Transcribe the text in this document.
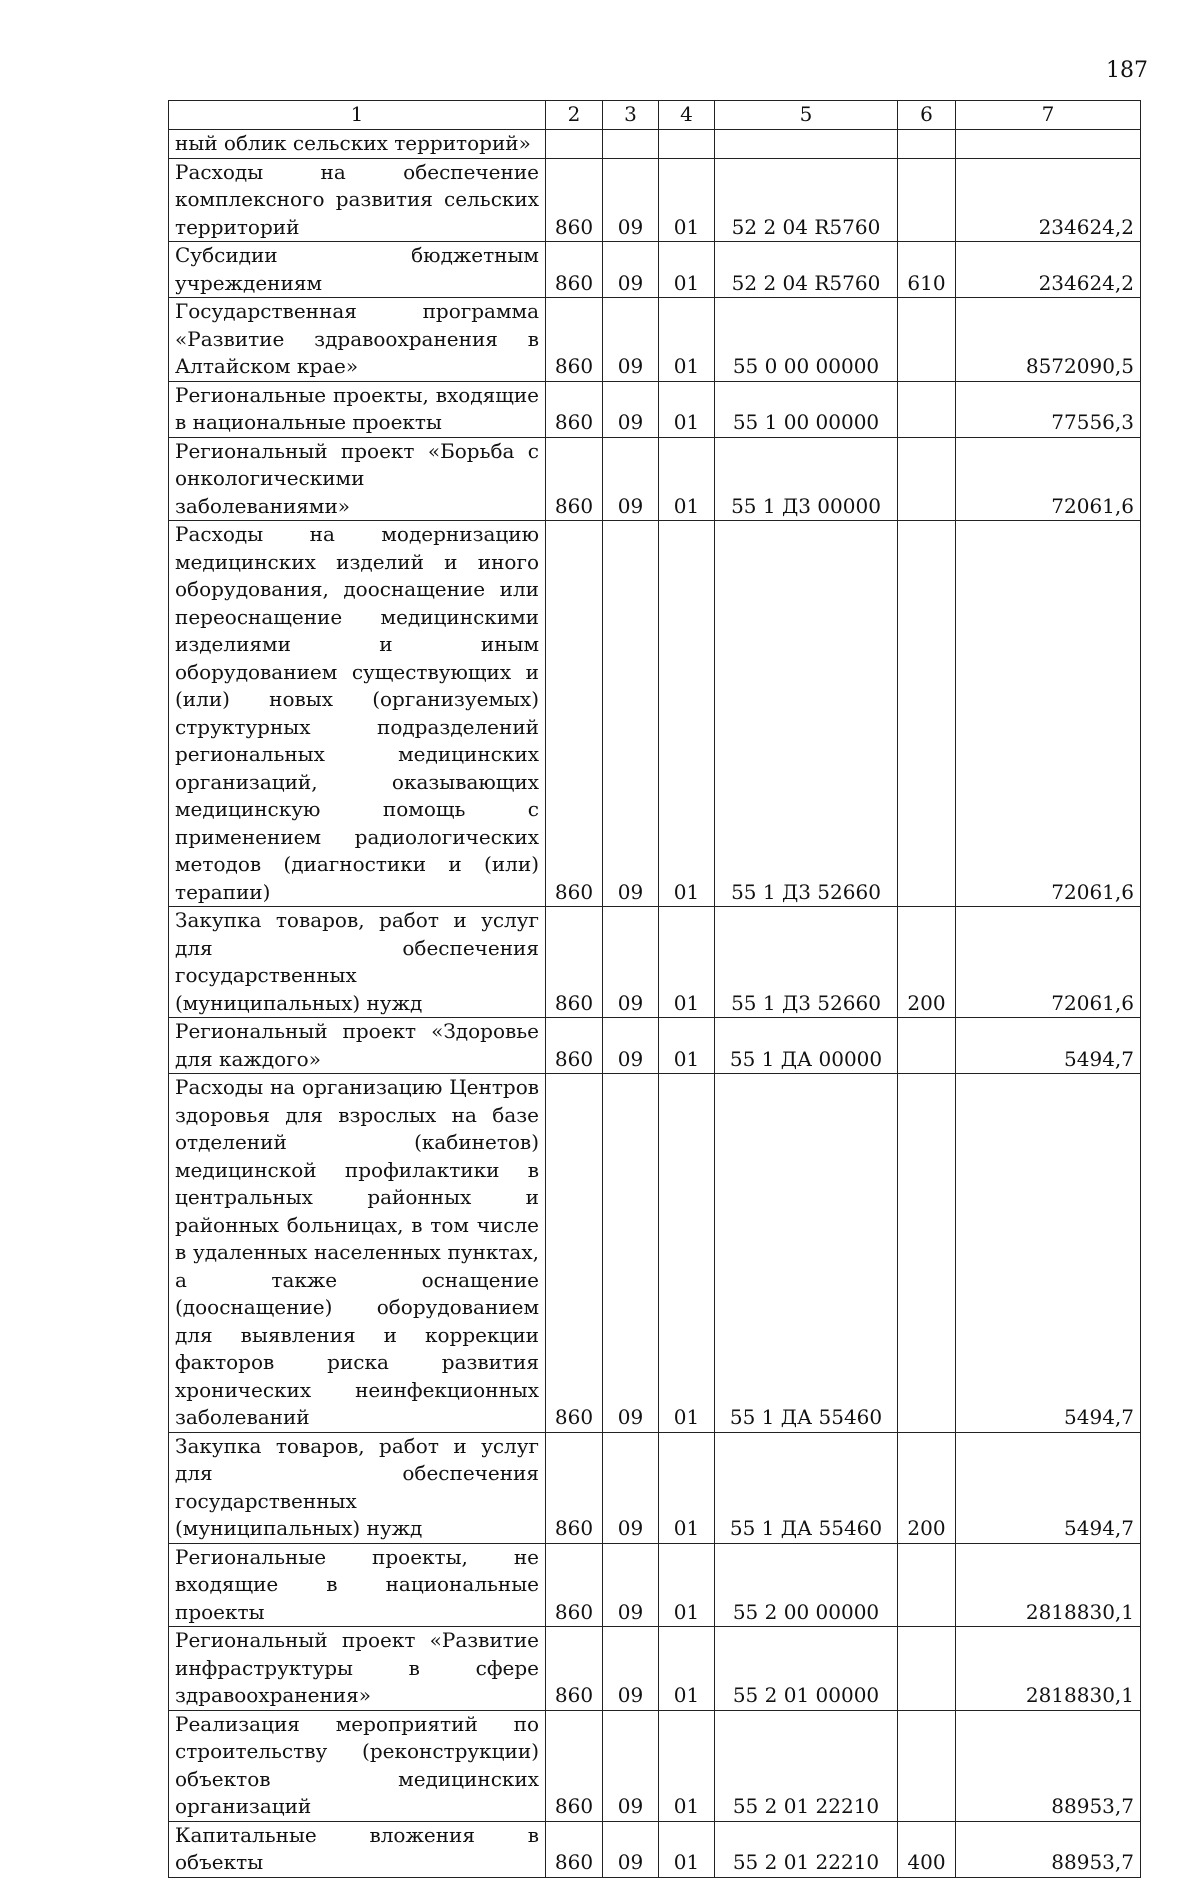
187
1	2	3	4	5	6	7
ный облик сельских территорий»						
Расходы на обеспечение комплексного развития сельских территорий	860	09	01	52 2 04 R5760		234624,2
Субсидии бюджетным учреждениям	860	09	01	52 2 04 R5760	610	234624,2
Государственная программа «Развитие здравоохранения в Алтайском крае»	860	09	01	55 0 00 00000		8572090,5
Региональные проекты, входящие в национальные проекты	860	09	01	55 1 00 00000		77556,3
Региональный проект «Борьба с онкологическими заболеваниями»	860	09	01	55 1 Д3 00000		72061,6
Расходы на модернизацию медицинских изделий и иного оборудования, дооснащение или переоснащение медицинскими изделиями и иным оборудованием существующих и (или) новых (организуемых) структурных подразделений региональных медицинских организаций, оказывающих медицинскую помощь с применением радиологических методов (диагностики и (или) терапии)	860	09	01	55 1 Д3 52660		72061,6
Закупка товаров, работ и услуг для обеспечения государственных (муниципальных) нужд	860	09	01	55 1 Д3 52660	200	72061,6
Региональный проект «Здоровье для каждого»	860	09	01	55 1 ДА 00000		5494,7
Расходы на организацию Центров здоровья для взрослых на базе отделений (кабинетов) медицинской профилактики в центральных районных и районных больницах, в том числе в удаленных населенных пунктах, а также оснащение (дооснащение) оборудованием для выявления и коррекции факторов риска развития хронических неинфекционных заболеваний	860	09	01	55 1 ДА 55460		5494,7
Закупка товаров, работ и услуг для обеспечения государственных (муниципальных) нужд	860	09	01	55 1 ДА 55460	200	5494,7
Региональные проекты, не входящие в национальные проекты	860	09	01	55 2 00 00000		2818830,1
Региональный проект «Развитие инфраструктуры в сфере здравоохранения»	860	09	01	55 2 01 00000		2818830,1
Реализация мероприятий по строительству (реконструкции) объектов медицинских организаций	860	09	01	55 2 01 22210		88953,7
Капитальные вложения в объекты	860	09	01	55 2 01 22210	400	88953,7
